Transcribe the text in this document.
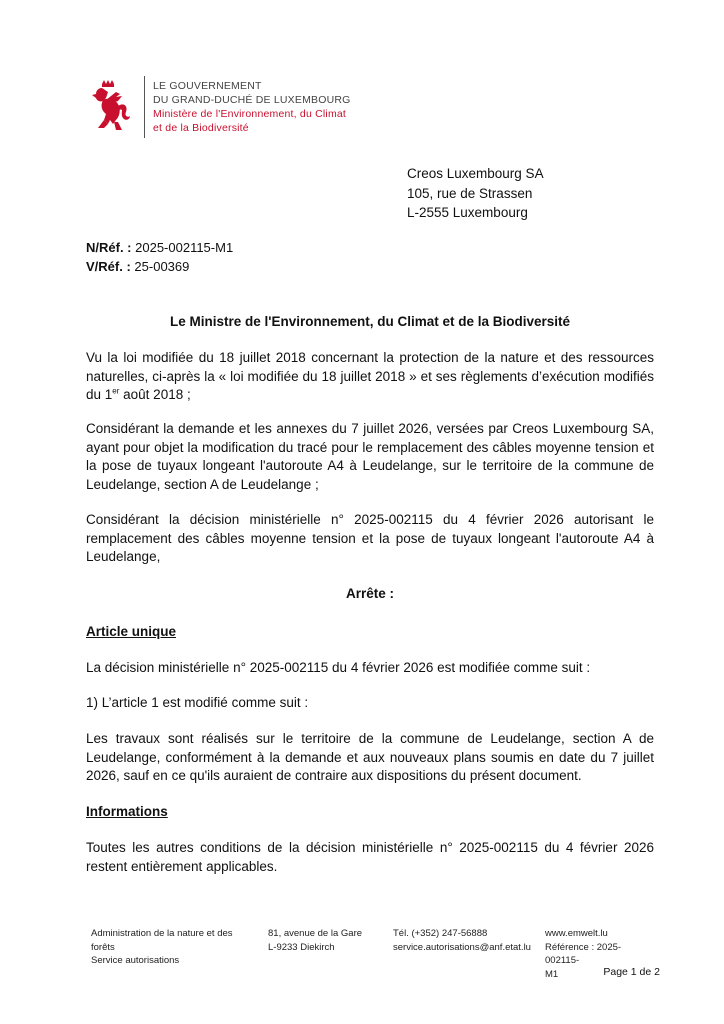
LE GOUVERNEMENT
DU GRAND-DUCHÉ DE LUXEMBOURG
Ministère de l'Environnement, du Climat
et de la Biodiversité
Creos Luxembourg SA
105, rue de Strassen
L-2555 Luxembourg
N/Réf. : 2025-002115-M1
V/Réf. : 25-00369
Le Ministre de l'Environnement, du Climat et de la Biodiversité
Vu la loi modifiée du 18 juillet 2018 concernant la protection de la nature et des ressources naturelles, ci-après la « loi modifiée du 18 juillet 2018 » et ses règlements d’exécution modifiés du 1er août 2018 ;
Considérant la demande et les annexes du 7 juillet 2026, versées par Creos Luxembourg SA, ayant pour objet la modification du tracé pour le remplacement des câbles moyenne tension et la pose de tuyaux longeant l'autoroute A4 à Leudelange, sur le territoire de la commune de Leudelange, section A de Leudelange ;
Considérant la décision ministérielle n° 2025-002115 du 4 février 2026 autorisant le remplacement des câbles moyenne tension et la pose de tuyaux longeant l'autoroute A4 à Leudelange,
Arrête :
Article unique
La décision ministérielle n° 2025-002115 du 4 février 2026 est modifiée comme suit :
1) L’article 1 est modifié comme suit :
Les travaux sont réalisés sur le territoire de la commune de Leudelange, section A de Leudelange, conformément à la demande et aux nouveaux plans soumis en date du 7 juillet 2026, sauf en ce qu'ils auraient de contraire aux dispositions du présent document.
Informations
Toutes les autres conditions de la décision ministérielle n° 2025-002115 du 4 février 2026 restent entièrement applicables.
Administration de la nature et des forêts
Service autorisations
81, avenue de la Gare
L-9233 Diekirch
Tél. (+352) 247-56888
service.autorisations@anf.etat.lu
www.emwelt.lu
Référence : 2025-002115-
M1	Page 1 de 2
